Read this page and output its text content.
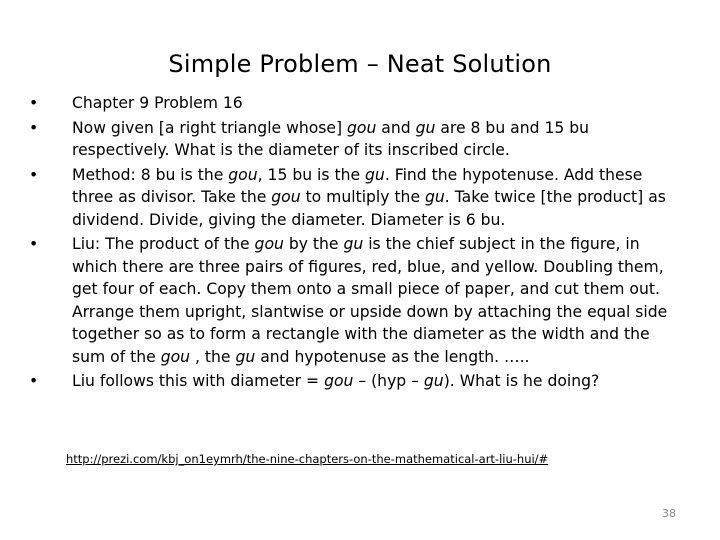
Simple Problem – Neat Solution
•	Chapter 9 Problem 16
•	Now given [a right triangle whose] gou and gu are 8 bu and 15 bu respectively. What is the diameter of its inscribed circle.
•	Method: 8 bu is the gou, 15 bu is the gu. Find the hypotenuse. Add these three as divisor. Take the gou to multiply the gu. Take twice [the product] as dividend. Divide, giving the diameter. Diameter is 6 bu.
•	Liu: The product of the gou by the gu is the chief subject in the figure, in which there are three pairs of figures, red, blue, and yellow. Doubling them, get four of each. Copy them onto a small piece of paper, and cut them out. Arrange them upright, slantwise or upside down by attaching the equal side together so as to form a rectangle with the diameter as the width and the sum of the gou , the gu and hypotenuse as the length. …..
•	Liu follows this with diameter = gou – (hyp – gu). What is he doing?
http://prezi.com/kbj_on1eymrh/the-nine-chapters-on-the-mathematical-art-liu-hui/#
38
